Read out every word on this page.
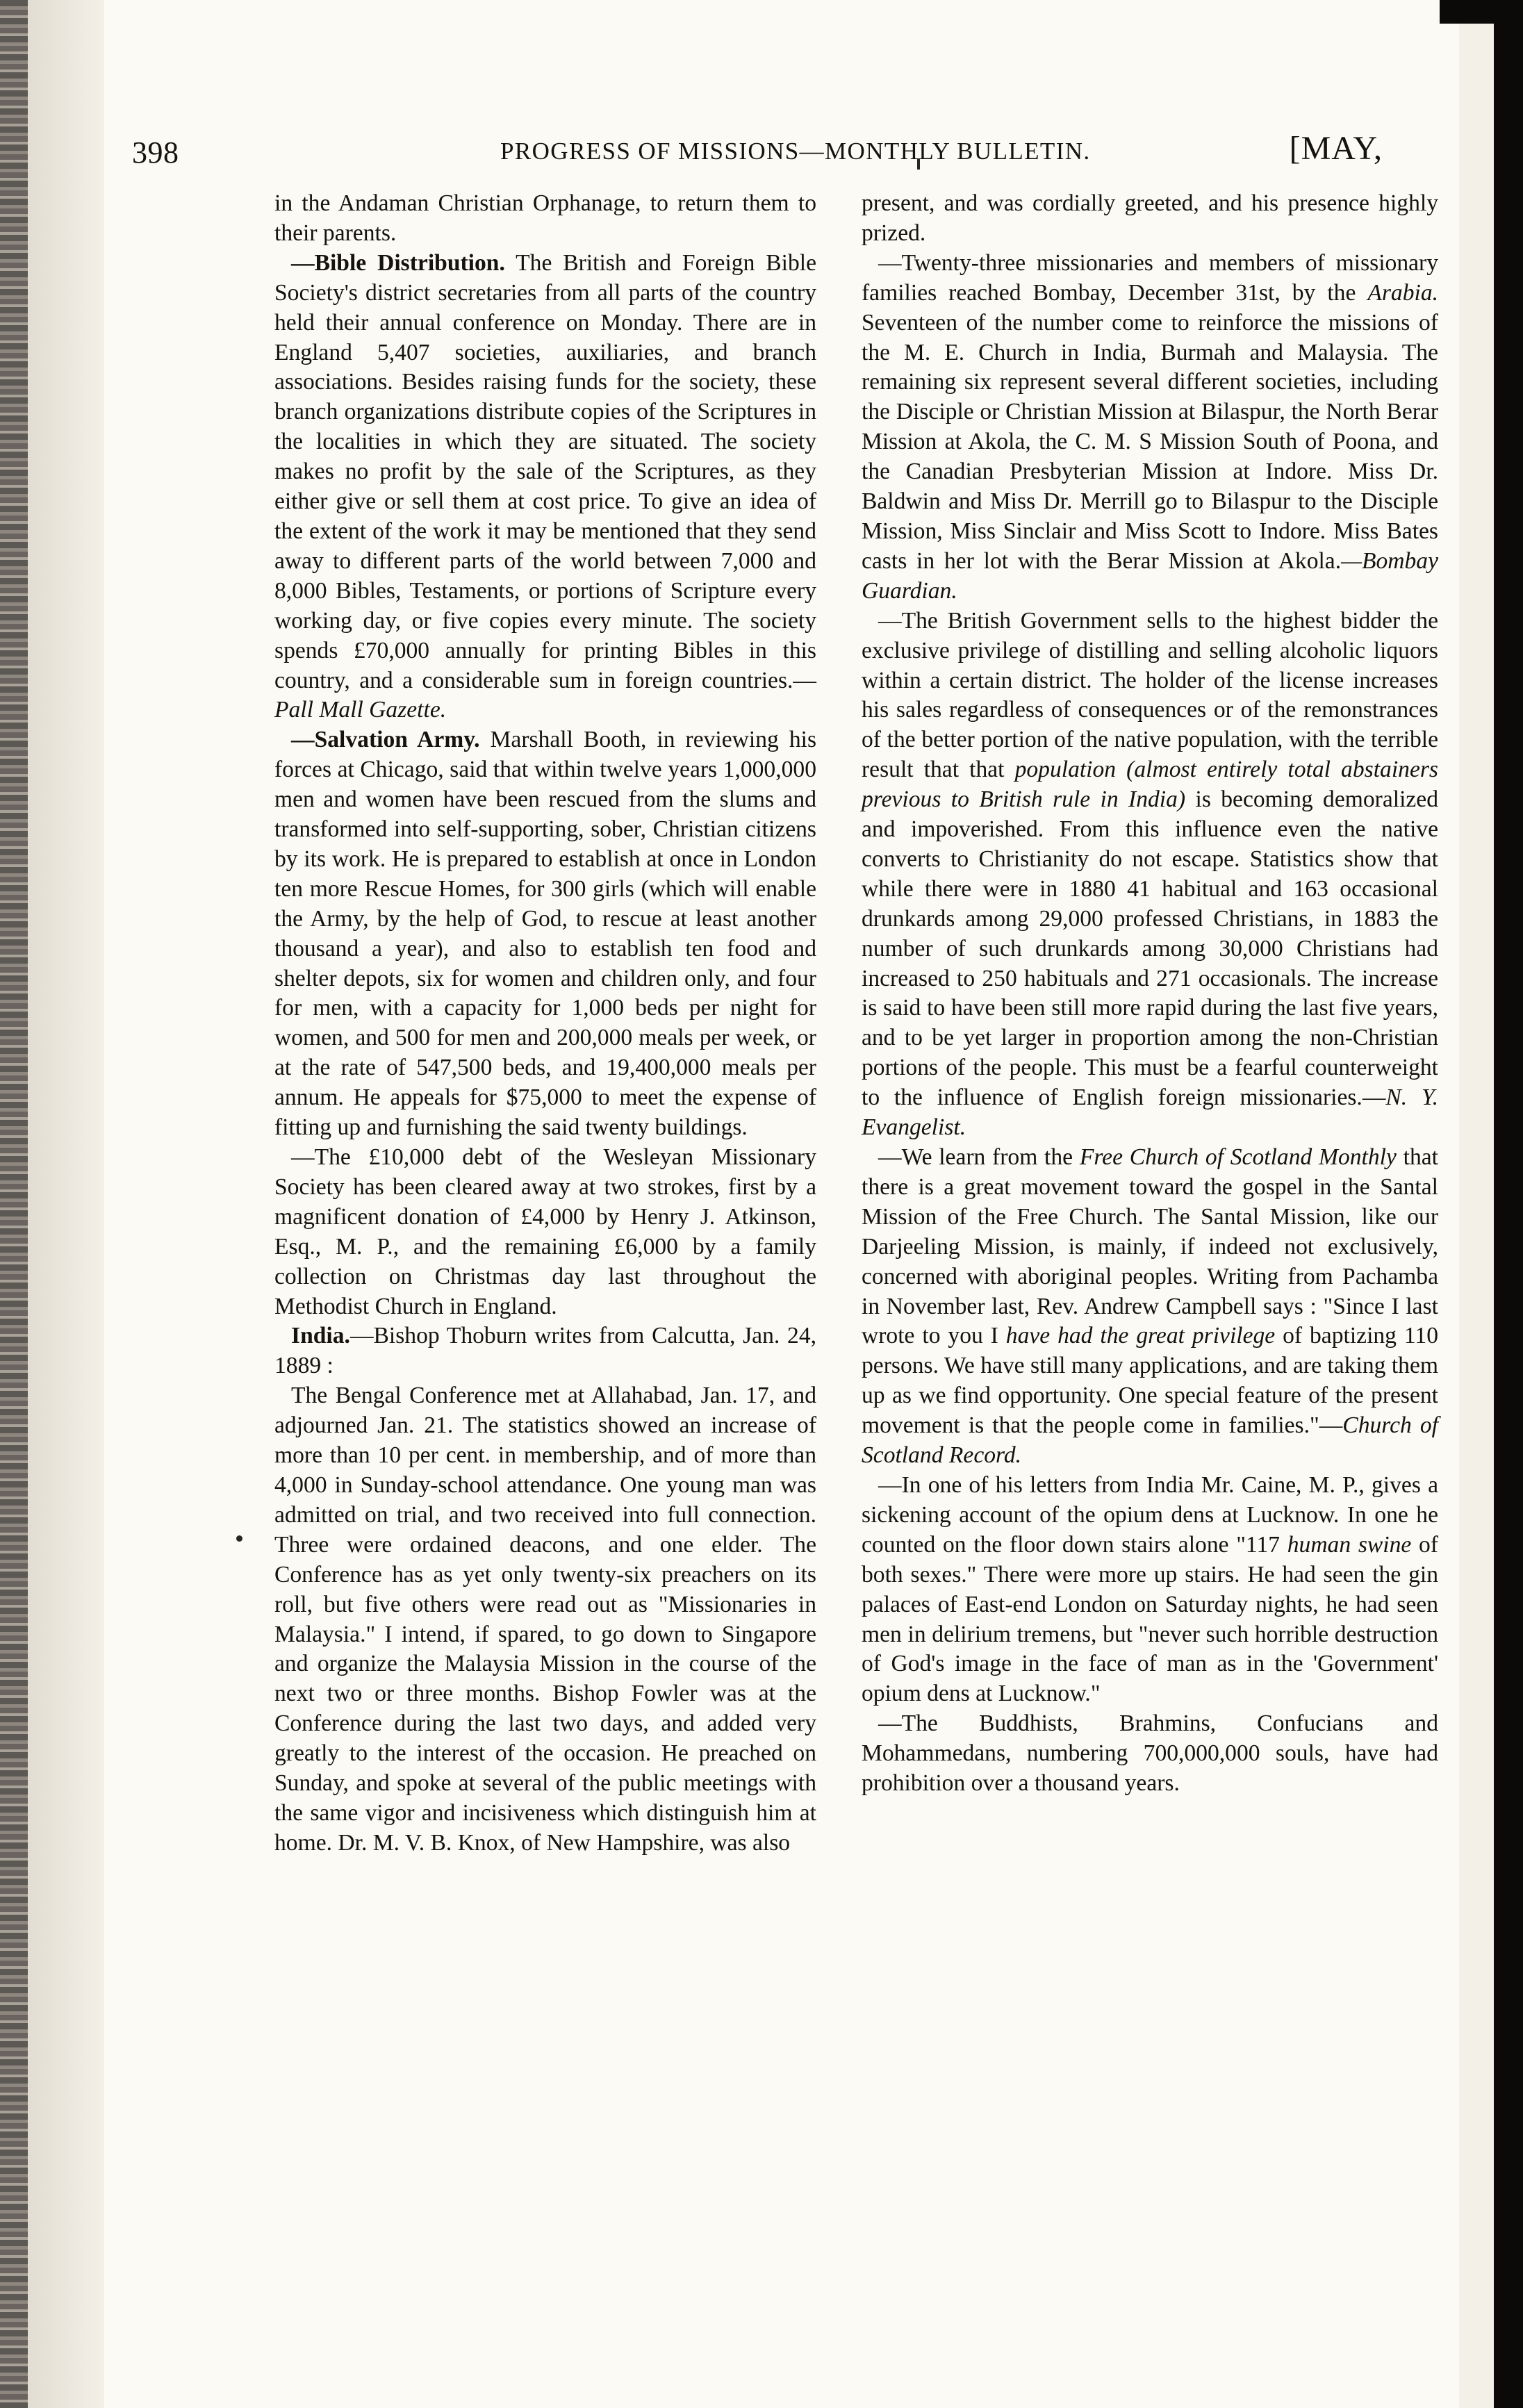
398	PROGRESS OF MISSIONS—MONTHLY BULLETIN.	[MAY,

in the Andaman Christian Orphanage, to return them to their parents.

—Bible Distribution. The British and Foreign Bible Society's district secretaries from all parts of the country held their annual conference on Monday. There are in England 5,407 societies, auxiliaries, and branch associations. Besides raising funds for the society, these branch organizations distribute copies of the Scriptures in the localities in which they are situated. The society makes no profit by the sale of the Scriptures, as they either give or sell them at cost price. To give an idea of the extent of the work it may be mentioned that they send away to different parts of the world between 7,000 and 8,000 Bibles, Testaments, or portions of Scripture every working day, or five copies every minute. The society spends £70,000 annually for printing Bibles in this country, and a considerable sum in foreign countries.—Pall Mall Gazette.

—Salvation Army. Marshall Booth, in reviewing his forces at Chicago, said that within twelve years 1,000,000 men and women have been rescued from the slums and transformed into self-supporting, sober, Christian citizens by its work. He is prepared to establish at once in London ten more Rescue Homes, for 300 girls (which will enable the Army, by the help of God, to rescue at least another thousand a year), and also to establish ten food and shelter depots, six for women and children only, and four for men, with a capacity for 1,000 beds per night for women, and 500 for men and 200,000 meals per week, or at the rate of 547,500 beds, and 19,400,000 meals per annum. He appeals for $75,000 to meet the expense of fitting up and furnishing the said twenty buildings.

—The £10,000 debt of the Wesleyan Missionary Society has been cleared away at two strokes, first by a magnificent donation of £4,000 by Henry J. Atkinson, Esq., M. P., and the remaining £6,000 by a family collection on Christmas day last throughout the Methodist Church in England.

India.—Bishop Thoburn writes from Calcutta, Jan. 24, 1889 :

The Bengal Conference met at Allahabad, Jan. 17, and adjourned Jan. 21. The statistics showed an increase of more than 10 per cent. in membership, and of more than 4,000 in Sunday-school attendance. One young man was admitted on trial, and two received into full connection. Three were ordained deacons, and one elder. The Conference has as yet only twenty-six preachers on its roll, but five others were read out as "Missionaries in Malaysia." I intend, if spared, to go down to Singapore and organize the Malaysia Mission in the course of the next two or three months. Bishop Fowler was at the Conference during the last two days, and added very greatly to the interest of the occasion. He preached on Sunday, and spoke at several of the public meetings with the same vigor and incisiveness which distinguish him at home. Dr. M. V. B. Knox, of New Hampshire, was also

present, and was cordially greeted, and his presence highly prized.

—Twenty-three missionaries and members of missionary families reached Bombay, December 31st, by the Arabia. Seventeen of the number come to reinforce the missions of the M. E. Church in India, Burmah and Malaysia. The remaining six represent several different societies, including the Disciple or Christian Mission at Bilaspur, the North Berar Mission at Akola, the C. M. S Mission South of Poona, and the Canadian Presbyterian Mission at Indore. Miss Dr. Baldwin and Miss Dr. Merrill go to Bilaspur to the Disciple Mission, Miss Sinclair and Miss Scott to Indore. Miss Bates casts in her lot with the Berar Mission at Akola.—Bombay Guardian.

—The British Government sells to the highest bidder the exclusive privilege of distilling and selling alcoholic liquors within a certain district. The holder of the license increases his sales regardless of consequences or of the remonstrances of the better portion of the native population, with the terrible result that that population (almost entirely total abstainers previous to British rule in India) is becoming demoralized and impoverished. From this influence even the native converts to Christianity do not escape. Statistics show that while there were in 1880 41 habitual and 163 occasional drunkards among 29,000 professed Christians, in 1883 the number of such drunkards among 30,000 Christians had increased to 250 habituals and 271 occasionals. The increase is said to have been still more rapid during the last five years, and to be yet larger in proportion among the non-Christian portions of the people. This must be a fearful counterweight to the influence of English foreign missionaries.—N. Y. Evangelist.

—We learn from the Free Church of Scotland Monthly that there is a great movement toward the gospel in the Santal Mission of the Free Church. The Santal Mission, like our Darjeeling Mission, is mainly, if indeed not exclusively, concerned with aboriginal peoples. Writing from Pachamba in November last, Rev. Andrew Campbell says : "Since I last wrote to you I have had the great privilege of baptizing 110 persons. We have still many applications, and are taking them up as we find opportunity. One special feature of the present movement is that the people come in families."—Church of Scotland Record.

—In one of his letters from India Mr. Caine, M. P., gives a sickening account of the opium dens at Lucknow. In one he counted on the floor down stairs alone "117 human swine of both sexes." There were more up stairs. He had seen the gin palaces of East-end London on Saturday nights, he had seen men in delirium tremens, but "never such horrible destruction of God's image in the face of man as in the 'Government' opium dens at Lucknow."

—The Buddhists, Brahmins, Confucians and Mohammedans, numbering 700,000,000 souls, have had prohibition over a thousand years.
